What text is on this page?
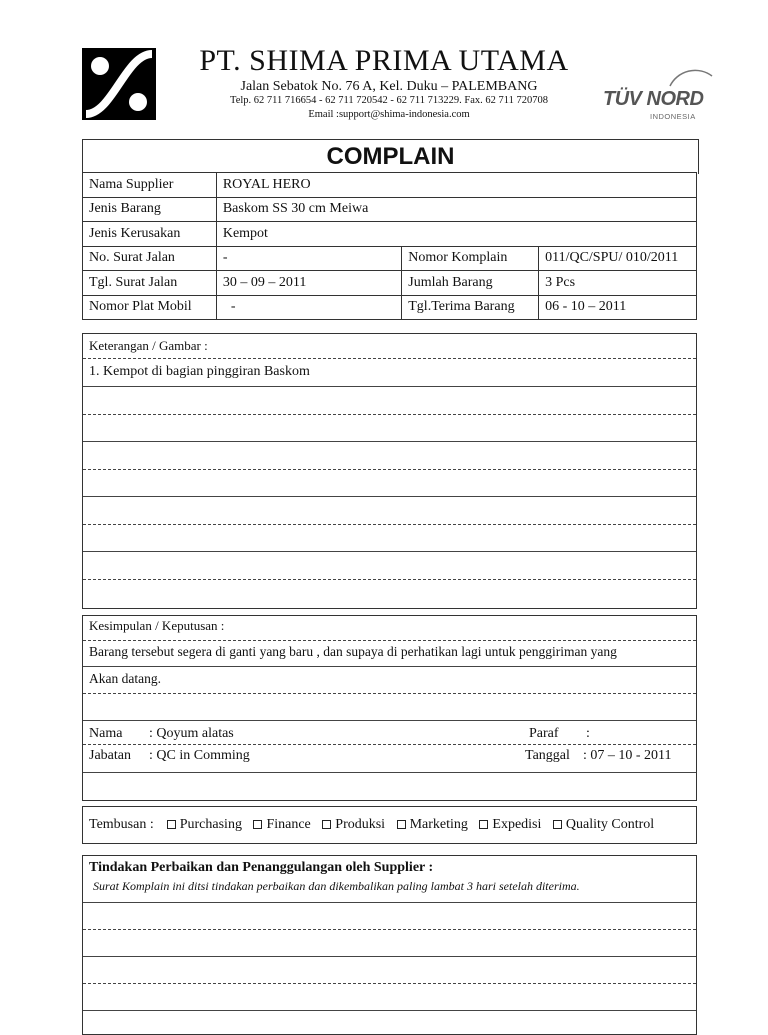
PT. SHIMA PRIMA UTAMA
Jalan Sebatok No. 76 A, Kel. Duku – PALEMBANG
Telp. 62 711 716654 - 62 711 720542 - 62 711 713229. Fax. 62 711 720708
Email :support@shima-indonesia.com
TÜV NORD
INDONESIA
COMPLAIN
Nama Supplier	ROYAL HERO		
Jenis Barang	Baskom SS 30 cm Meiwa		
Jenis Kerusakan	Kempot		
No. Surat Jalan	-	Nomor Komplain	011/QC/SPU/ 010/2011
Tgl. Surat Jalan	30 – 09 – 2011	Jumlah Barang	3 Pcs
Nomor Plat Mobil	-	Tgl.Terima Barang	06 - 10 – 2011
Keterangan / Gambar :
1. Kempot di bagian pinggiran Baskom
Kesimpulan / Keputusan :
Barang tersebut segera di ganti yang baru , dan supaya di perhatikan lagi untuk penggiriman yang
Akan datang.
Nama : Qoyum alatas	Paraf :
Jabatan : QC in Comming	Tanggal : 07 – 10 - 2011
Tembusan : Purchasing Finance Produksi Marketing Expedisi Quality Control
Tindakan Perbaikan dan Penanggulangan oleh Supplier :
Surat Komplain ini ditsi tindakan perbaikan dan dikembalikan paling lambat 3 hari setelah diterima.
